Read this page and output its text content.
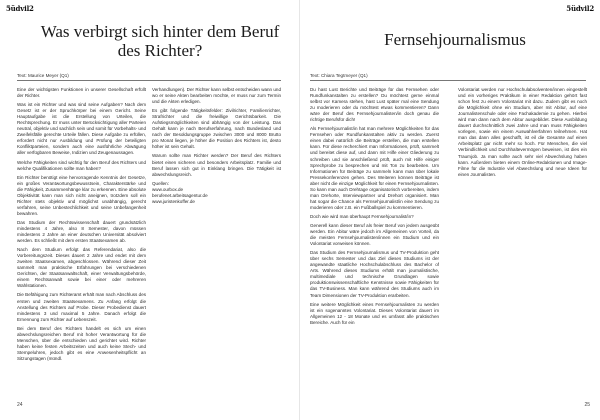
5üdvil2
Was verbirgt sich hinter dem Beruf des Richter?
Text: Maurice Meyer (Q1)

Eine der wichtigsten Funktionen in unserer Gesellschaft erfüllt der Richter.

Was ist ein Richter und was sind seine Aufgaben? Nach dem Gesetz ist er der Spruchkörper bei einem Gericht. Seine Hauptaufgabe ist die Erstellung von Urteilen, die Rechtsprechung. Er muss unter Berücksichtigung aller Parteien neutral, objektiv und sachlich sein und somit für Vorbehalts- und Zweifelsfälle gerechte Urteile fällen. Diese Aufgabe zu erfüllen, erfordert nicht nur Ausbildung und Prüfung der beteiligten Konfliktparteien, sondern auch eine ausführliche Abwägung aller verfügbaren Beweise, Indizien und Zeugenaussagen.

Welche Fähigkeiten sind wichtig für den Beruf des Richters und welche Qualifikationen sollte man haben?

Ein Richter benötigt eine hervorragende Kenntnis der Gesetze, ein großes Verantwortungsbewusstsein, Charakterstärke und die Fähigkeit, Zusammenhänge klar zu erkennen. Eine absolute Objektivität kann man sich nicht aneignen, trotzdem soll ein Richter stets objektiv und möglichst unabhängig, gerecht verfahren, seine Unbestechlichkeit und seine Unbefangenheit bewahren.

Das Studium der Rechtswissenschaft dauert grundsätzlich mindestens 4 Jahre, also 8 Semester, davon müssen mindestens 2 Jahre an einer deutschen Universität absolviert werden. Es schließt mit dem ersten Staatsexamen ab.

Nach dem Studium erfolgt das Referendariat, also die Vorbereitungszeit. Dieses dauert 2 Jahre und endet mit dem zweiten Staatsexamen, abgeschlossen. Während dieser Zeit sammelt man praktische Erfahrungen bei verschiedenen Gerichten, der Staatsanwaltschaft, einer Verwaltungsbehörde, einem Rechtsanwalt sowie bei einer oder mehreren Wahlstationen.

Die Befähigung zum Richteramt erhält man nach Abschluss des ersten und zweiten Staatsexamens. Zu Anfang erfolgt die Anstellung des Richters auf Probe. Dieser Probedienst dauert mindestens 3 und maximal 5 Jahre. Danach erfolgt die Ernennung zum Richter auf Lebenszeit.

Bei dem Beruf des Richters handelt es sich um einen abwechslungsreichen Beruf mit hoher Verantwortung für die Menschen, über die entschieden und gerichtet wird. Richter haben keine festen Arbeitszeiten und auch keine Stech- und Stempeluhren, jedoch gibt es eine Anwesenheitspflicht an Sitzungstagen (mündl.

Verhandlungen). Der Richter kann selbst entscheiden wann und wo er seine Akten bearbeiten möchte, er muss nur zum Termin und die Akten erledigen.

Es gibt folgende Tätigkeitsfelder: Zivilrichter, Familienrichter, Strafrichter und die freiwillige Gerichtsbarkeit. Die Aufstiegsmöglichkeiten sind abhängig von der Leistung. Das Gehalt kann je nach Berufserfahrung, nach Bundesland und nach der Besoldungsgruppe zwischen 3000 und 8000 Brutto pro Monat liegen, je höher die Position des Richters ist, desto höher ist sein Gehalt.

Warum sollte man Richter werden? Der Beruf des Richters bietet einen sicheren und besonders Arbeitsplatz. Familie und Beruf lassen sich gut in Einklang bringen. Die Tätigkeit ist abwechslungsreich.

Quellen:
www.ourbox.de
berufenet.arbeitsagentur.de
www.juristenkoffer.de

24
5üdvil2
Fernsehjournalismus
Text: Chiara Tegtmeyer (Q1)

Du hast Lust Berichte und Beiträge für das Fernsehen oder Rundfunkanstalten zu erstellen? Du möchtest gerne einmal selbst vor Kamera stehen, hast Lust später mal eine Sendung zu moderieren oder du möchtest etwas kommentieren? Dann wäre der Beruf des Fernsehjournalisten/in doch genau die richtige Berufsfür dich!

Als Fernsehjournalist/in hat man mehrere Möglichkeiten für das Fernsehen oder Rundfunkanstalten aktiv zu werden. Zuerst einen dabei natürlich die Beiträge erstellen, die man erstellen kann. Für diese recherchiert man Informationen, prüft, sammelt und bereitet diese auf, und dann mit Hilfe einer Gliederung zu schreiben und sie anschließend prüft, auch mit Hilfe einiger Sprechprobe zu besprechen und mit Ton zu bearbeiten. Um Informationen für Beiträge zu sammeln kann man über lokale Pressekonferenzen gehen. Des Weiteren können Beiträge ist aber nicht die einzige Möglichkeit für einen Fernsehjournalisten. So kann man auch Drehtage organisatorisch vorbereiten, indem man Drehorte, Interviewpartner und Drehort organisiert. Man hat sogar die Chance als Fernsehjournalist/in eine Sendung zu moderieren oder z.B. ein Fußballspiel zu kommentieren.

Doch wie wird man überhaupt Fernsehjournalist/in?

Generell kann dieser Beruf als freier Beruf von jedem ausgeübt werden. Ein Abitur wäre jedoch im Allgemeinen von Vorteil, da die meisten Fernsehjournalisten/innen ein Studium und ein Volontariat vorweisen können.

Das Studium des Fernsehjournalismus und TV-Produktion geht über sechs Semester und das Ziel dieses Studiums ist der angewandte staatliche Hochschulabschluss des Bachelor of Arts. Während dieses Studiums erhält man journalistische, multimediale und technische Grundlagen sowie produktionswissenschaftliche Kenntnisse sowie Fähigkeiten für das TV-Business. Man kann während des Studiums auch im Team Dimensionen der TV-Produktion erarbeiten.

Eine weitere Möglichkeit eines Fernsehjournalisten zu werden ist ein sogenanntes Volontariat. Dieses Volontariat dauert im Allgemeinen 12 - 18 Monate und es umfasst alle praktischen Bereiche. Auch für ein

Volontariat werden nur Hochschulabsolventen/innen eingestellt und ein vorheriges Praktikum in einer Redaktion gehört fast schon fest zu einem Volontariat mit dazu. Zudem gibt es noch die Möglichkeit ohne ein Studium, aber mit Abitur, auf eine Journalistenschule oder eine Fachakademie zu gehen. Hierbei wird man dann nach dem Abitur ausgebildet. Diese Ausbildung dauert durchschnittlich zwei Jahre und man muss Fähigkeiten vorlegen, sowie ein einem Auswahlverfahren teilnehmen. Hat man das dann alles geschafft, ist eil die Gesamte auf einen Arbeitsplatz gar nicht mehr so hoch. Für Menschen, die viel Verbindlichkeit und Durchhaltevermögen beweisen, ist dies ein Traumjob. Ja man sollte auch sehr viel Abwechslung haben kann. Außerdem bieten einem Online-Redaktionen und Image-Filme für die Industrie viel Abwechslung und neue Ideen für einen Journalisten.

25
